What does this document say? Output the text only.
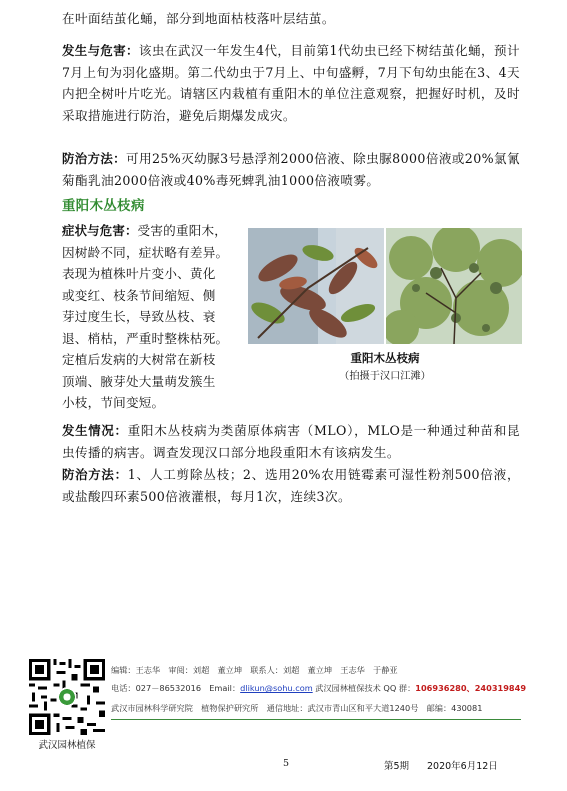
在叶面结茧化蛹，部分到地面枯枝落叶层结茧。

发生与危害：该虫在武汉一年发生4代，目前第1代幼虫已经下树结茧化蛹，预计7月上旬为羽化盛期。第二代幼虫于7月上、中旬盛孵，7月下旬幼虫能在3、4天内把全树叶片吃光。请辖区内栽植有重阳木的单位注意观察，把握好时机，及时采取措施进行防治，避免后期爆发成灾。

防治方法：可用25%灭幼脲3号悬浮剂2000倍液、除虫脲8000倍液或20%氯氰菊酯乳油2000倍液或40%毒死蜱乳油1000倍液喷雾。

重阳木丛枝病
症状与危害：受害的重阳木，
因树龄不同，症状略有差异。
表现为植株叶片变小、黄化
或变红、枝条节间缩短、侧
芽过度生长，导致丛枝、衰
退、梢枯，严重时整株枯死。
定植后发病的大树常在新枝
顶端、腋芽处大量萌发簇生
小枝，节间变短。
重阳木丛枝病
（拍摄于汉口江滩）

发生情况：重阳木丛枝病为类菌原体病害（MLO），MLO是一种通过种苗和昆虫传播的病害。调查发现汉口部分地段重阳木有该病发生。

防治方法：1、人工剪除丛枝；2、选用20%农用链霉素可湿性粉剂500倍液，或盐酸四环素500倍液灌根，每月1次，连续3次。

武汉园林植保
编辑：王志华　审阅：刘超　董立坤　联系人：刘超　董立坤　王志华　于静亚
电话：027－86532016　Email：dlikun@sohu.com 武汉园林植保技术 QQ 群：106936280、240319849
武汉市园林科学研究院　植物保护研究所　通信地址：武汉市青山区和平大道1240号　邮编：430081
5	第5期 2020年6月12日
